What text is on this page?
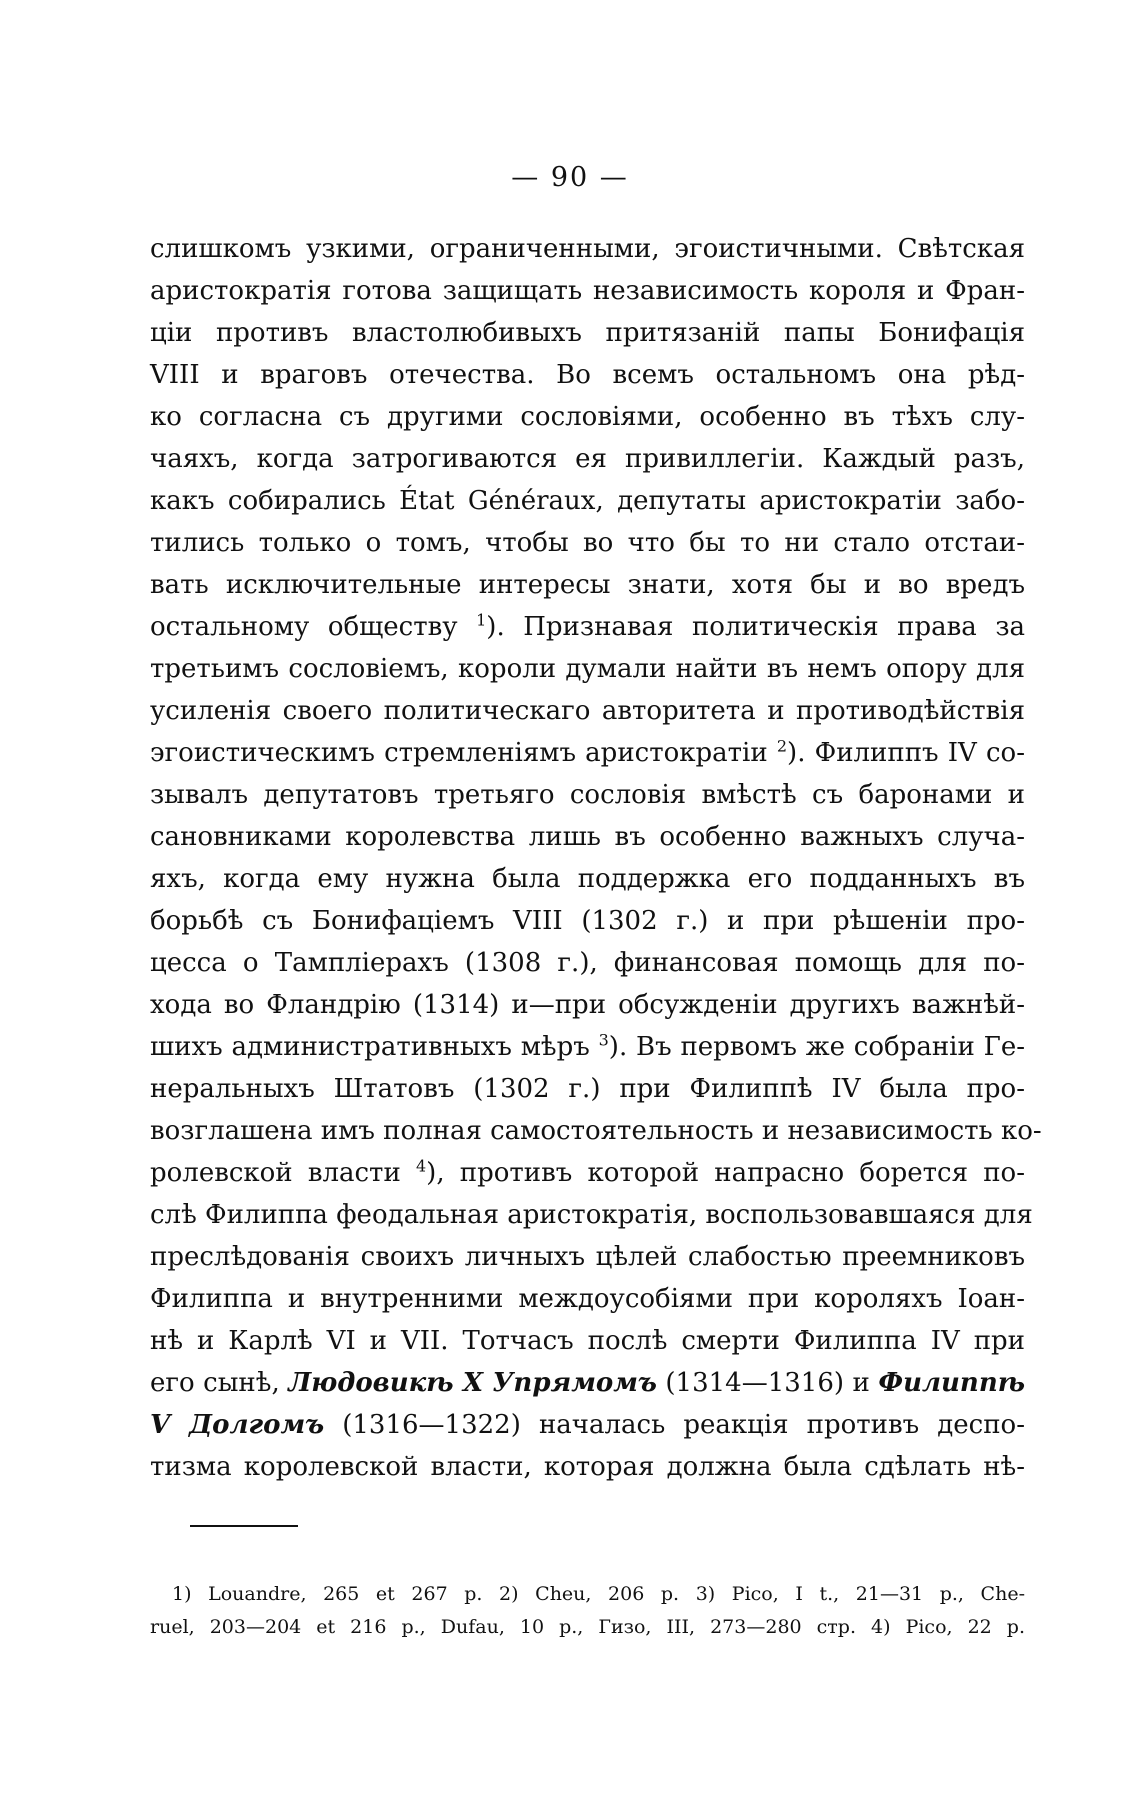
— 90 —
слишкомъ узкими, ограниченными, эгоистичными. Свѣтская
аристократія готова защищать независимость короля и Фран-
ціи противъ властолюбивыхъ притязаній папы Бонифація
VIII и враговъ отечества. Во всемъ остальномъ она рѣд-
ко согласна съ другими сословіями, особенно въ тѣхъ слу-
чаяхъ, когда затрогиваются ея привиллегіи. Каждый разъ,
какъ собирались État Généraux, депутаты аристократіи забо-
тились только о томъ, чтобы во что бы то ни стало отстаи-
вать исключительные интересы знати, хотя бы и во вредъ
остальному обществу $^1$). Признавая политическія права за
третьимъ сословіемъ, короли думали найти въ немъ опору для
усиленія своего политическаго авторитета и противодѣйствія
эгоистическимъ стремленіямъ аристократіи $^2$). Филиппъ IV со-
зывалъ депутатовъ третьяго сословія вмѣстѣ съ баронами и
сановниками королевства лишь въ особенно важныхъ случа-
яхъ, когда ему нужна была поддержка его подданныхъ въ
борьбѣ съ Бонифаціемъ VIII (1302 г.) и при рѣшеніи про-
цесса о Тампліерахъ (1308 г.), финансовая помощь для по-
хода во Фландрію (1314) и—при обсужденіи другихъ важнѣй-
шихъ административныхъ мѣръ $^3$). Въ первомъ же собраніи Ге-
неральныхъ Штатовъ (1302 г.) при Филиппѣ IV была про-
возглашена имъ полная самостоятельность и независимость ко-
ролевской власти $^4$), противъ которой напрасно борется по-
слѣ Филиппа феодальная аристократія, воспользовавшаяся для
преслѣдованія своихъ личныхъ цѣлей слабостью преемниковъ
Филиппа и внутренними междоусобіями при короляхъ Іоан-
нѣ и Карлѣ VI и VII. Тотчасъ послѣ смерти Филиппа IV при
его сынѣ, Людовикѣ X Упрямомъ (1314—1316) и Филиппѣ
V Долгомъ (1316—1322) началась реакція противъ деспо-
тизма королевской власти, которая должна была сдѣлать нѣ-
1) Louandre, 265 et 267 p. 2) Cheu, 206 p. 3) Pico, I t., 21—31 p., Che-
ruel, 203—204 et 216 p., Dufau, 10 p., Гизо, III, 273—280 стр. 4) Pico, 22 p.
